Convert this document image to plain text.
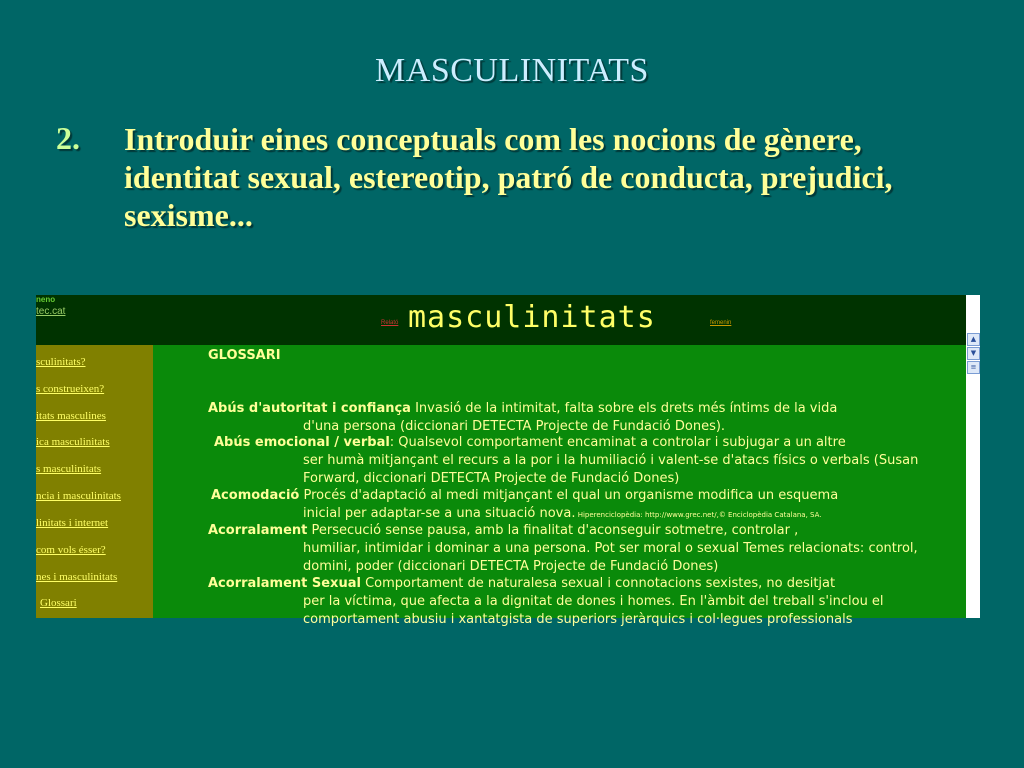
MASCULINITATS
2. Introduir eines conceptuals com les nocions de gènere, identitat sexual, estereotip, patró de conducta, prejudici, sexisme...
neno
tec.cat
Relató masculinitats	femenin
sculinitats?
s construeixen?
itats masculines
ica masculinitats
s masculinitats
ncia i masculinitats
linitats i internet
com vols ésser?
nes i masculinitats
Glossari
GLOSSARI
Abús d'autoritat i confiança Invasió de la intimitat, falta sobre els drets més íntims de la vida
d'una persona (diccionari DETECTA Projecte de Fundació Dones).
Abús emocional / verbal: Qualsevol comportament encaminat a controlar i subjugar a un altre
ser humà mitjançant el recurs a la por i la humiliació i valent-se d'atacs físics o verbals (Susan Forward, diccionari DETECTA Projecte de Fundació Dones)
Acomodació Procés d'adaptació al medi mitjançant el qual un organisme modifica un esquema
inicial per adaptar-se a una situació nova. Hiperenciclopèdia: http://www.grec.net/,© Enciclopèdia Catalana, SA.
Acorralament Persecució sense pausa, amb la finalitat d'aconseguir sotmetre, controlar ,
humiliar, intimidar i dominar a una persona. Pot ser moral o sexual Temes relacionats: control, domini, poder (diccionari DETECTA Projecte de Fundació Dones)
Acorralament Sexual Comportament de naturalesa sexual i connotacions sexistes, no desitjat
per la víctima, que afecta a la dignitat de dones i homes. En l'àmbit del treball s'inclou el comportament abusiu i xantatgista de superiors jeràrquics i col·legues professionals
▲
▼
≡
